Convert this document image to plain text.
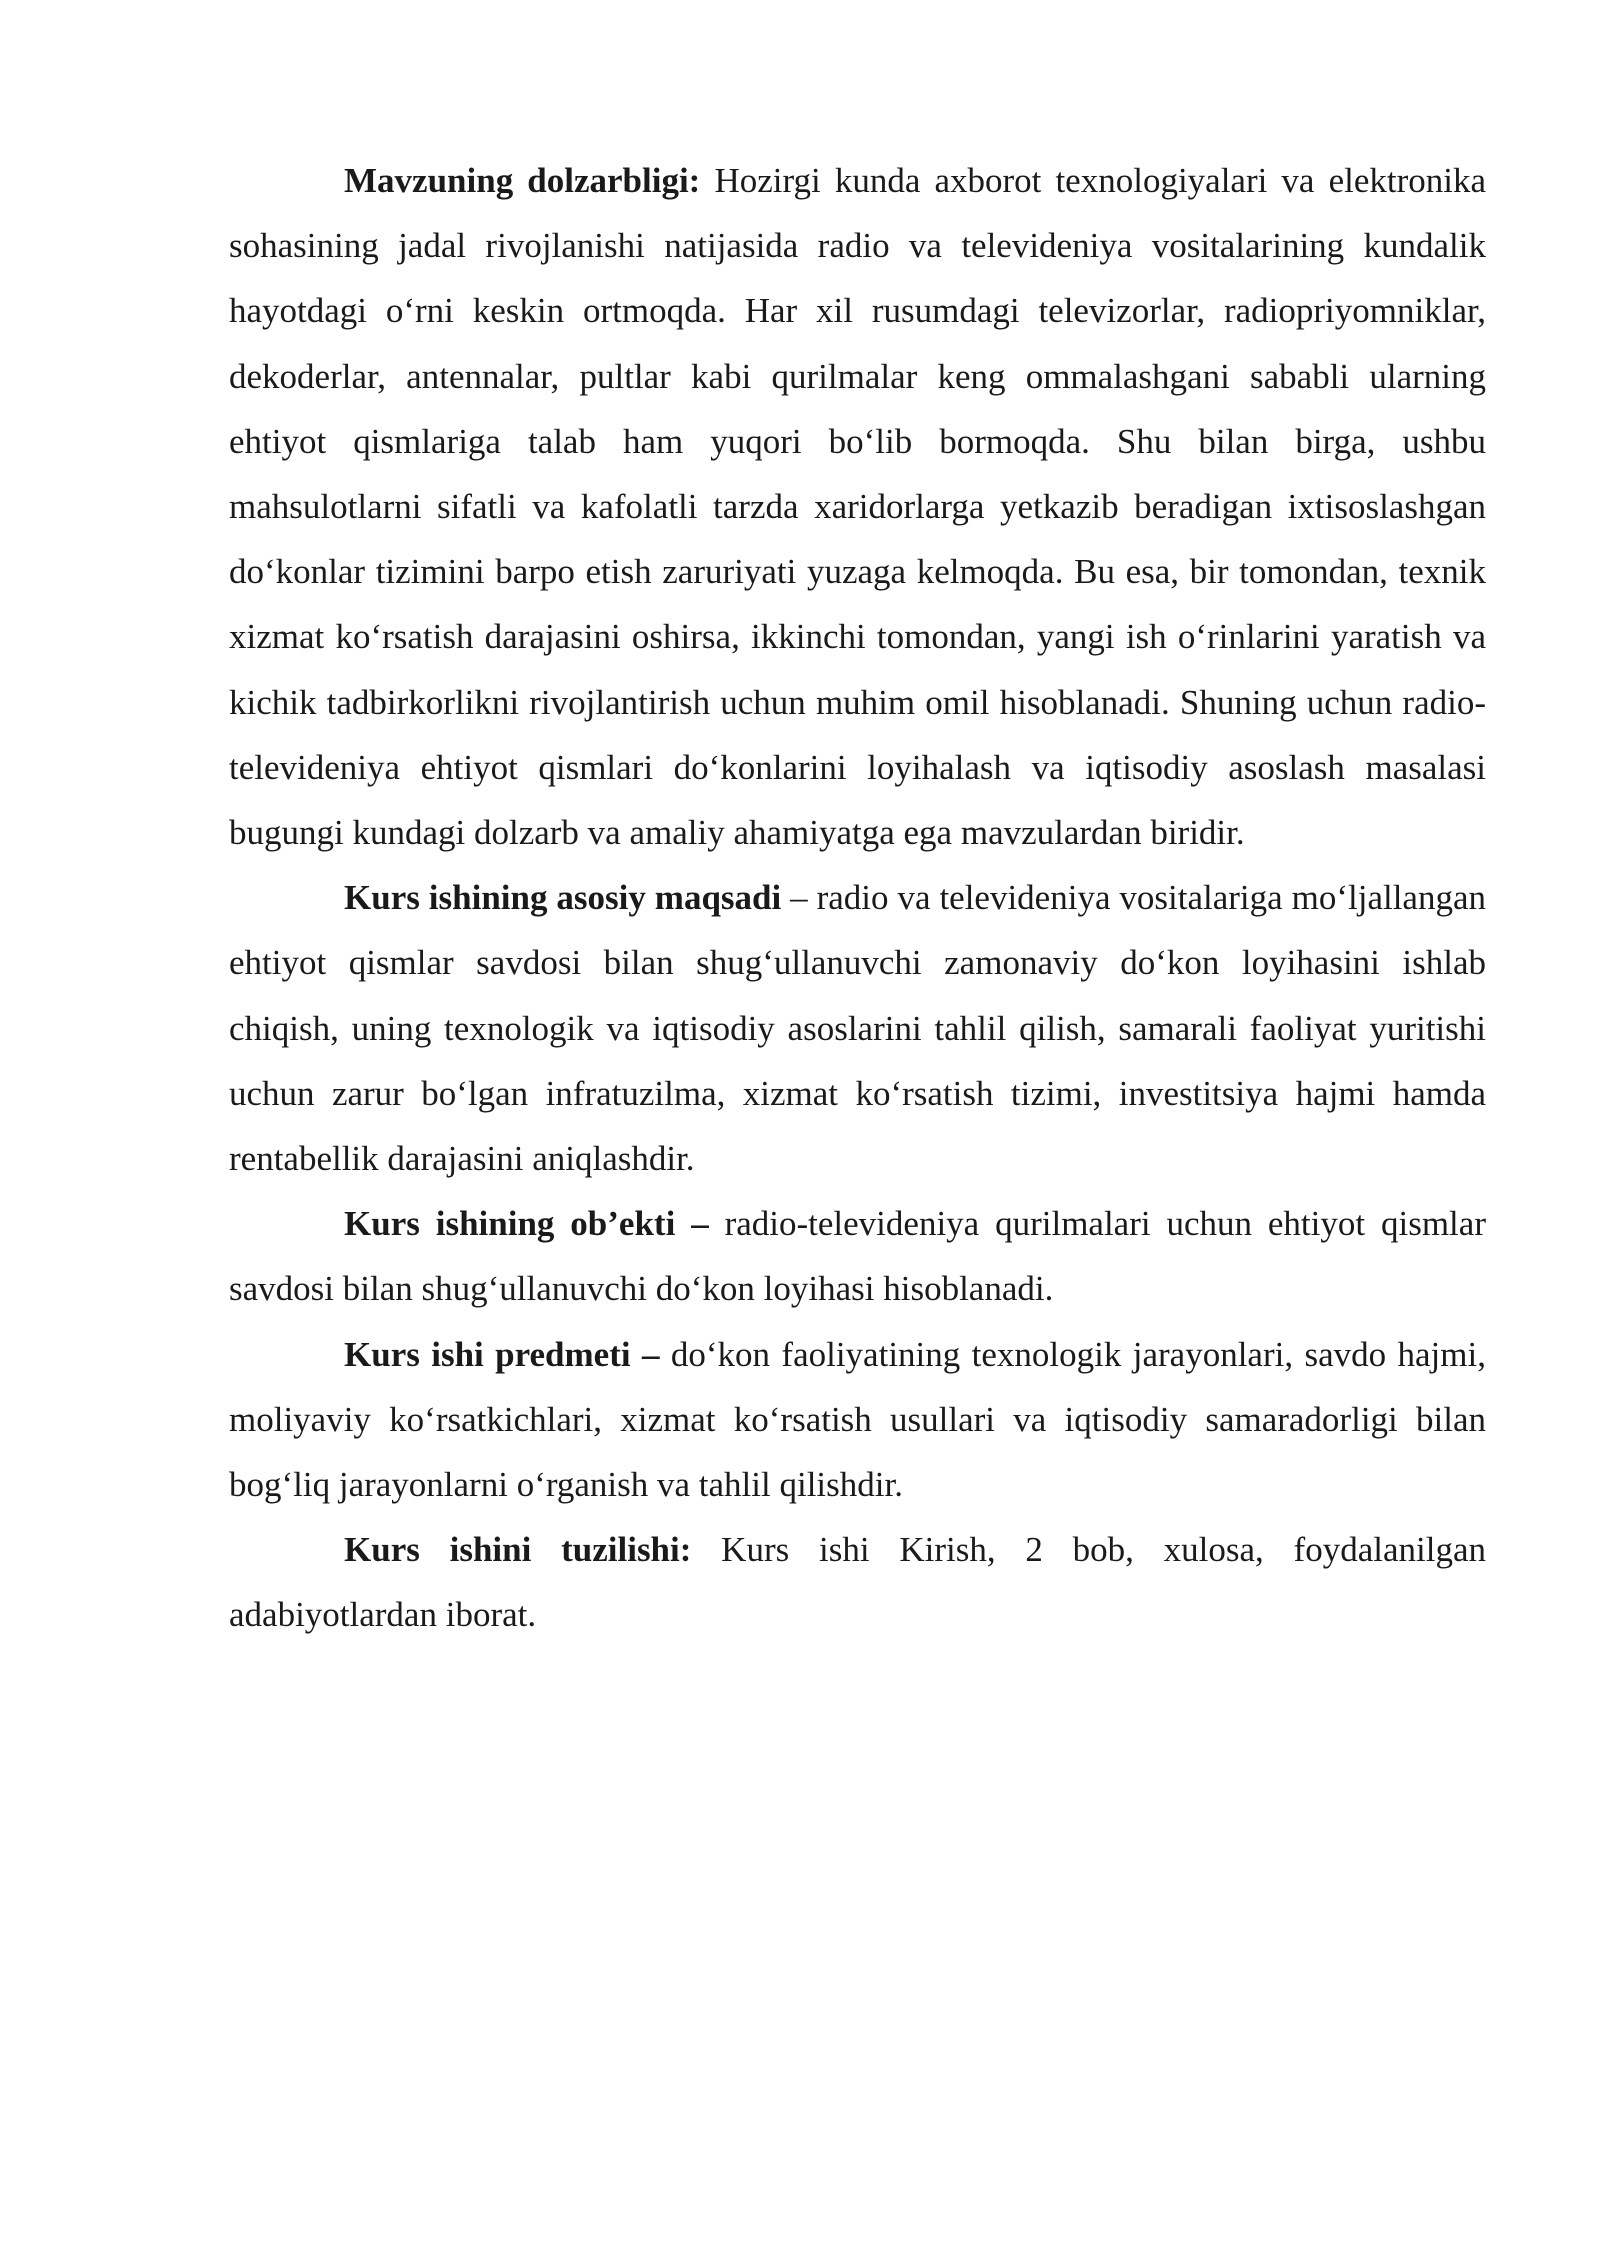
Mavzuning dolzarbligi: Hozirgi kunda axborot texnologiyalari va elektronika sohasining jadal rivojlanishi natijasida radio va televideniya vositalarining kundalik hayotdagi o‘rni keskin ortmoqda. Har xil rusumdagi televizorlar, radiopriyomniklar, dekoderlar, antennalar, pultlar kabi qurilmalar keng ommalashgani sababli ularning ehtiyot qismlariga talab ham yuqori bo‘lib bormoqda. Shu bilan birga, ushbu mahsulotlarni sifatli va kafolatli tarzda xaridorlarga yetkazib beradigan ixtisoslashgan do‘konlar tizimini barpo etish zaruriyati yuzaga kelmoqda. Bu esa, bir tomondan, texnik xizmat ko‘rsatish darajasini oshirsa, ikkinchi tomondan, yangi ish o‘rinlarini yaratish va kichik tadbirkorlikni rivojlantirish uchun muhim omil hisoblanadi. Shuning uchun radio-televideniya ehtiyot qismlari do‘konlarini loyihalash va iqtisodiy asoslash masalasi bugungi kundagi dolzarb va amaliy ahamiyatga ega mavzulardan biridir.

Kurs ishining asosiy maqsadi – radio va televideniya vositalariga mo‘ljallangan ehtiyot qismlar savdosi bilan shug‘ullanuvchi zamonaviy do‘kon loyihasini ishlab chiqish, uning texnologik va iqtisodiy asoslarini tahlil qilish, samarali faoliyat yuritishi uchun zarur bo‘lgan infratuzilma, xizmat ko‘rsatish tizimi, investitsiya hajmi hamda rentabellik darajasini aniqlashdir.

Kurs ishining ob’ekti – radio-televideniya qurilmalari uchun ehtiyot qismlar savdosi bilan shug‘ullanuvchi do‘kon loyihasi hisoblanadi.

Kurs ishi predmeti – do‘kon faoliyatining texnologik jarayonlari, savdo hajmi, moliyaviy ko‘rsatkichlari, xizmat ko‘rsatish usullari va iqtisodiy samaradorligi bilan bog‘liq jarayonlarni o‘rganish va tahlil qilishdir.

Kurs ishini tuzilishi: Kurs ishi Kirish, 2 bob, xulosa, foydalanilgan adabiyotlardan iborat.
